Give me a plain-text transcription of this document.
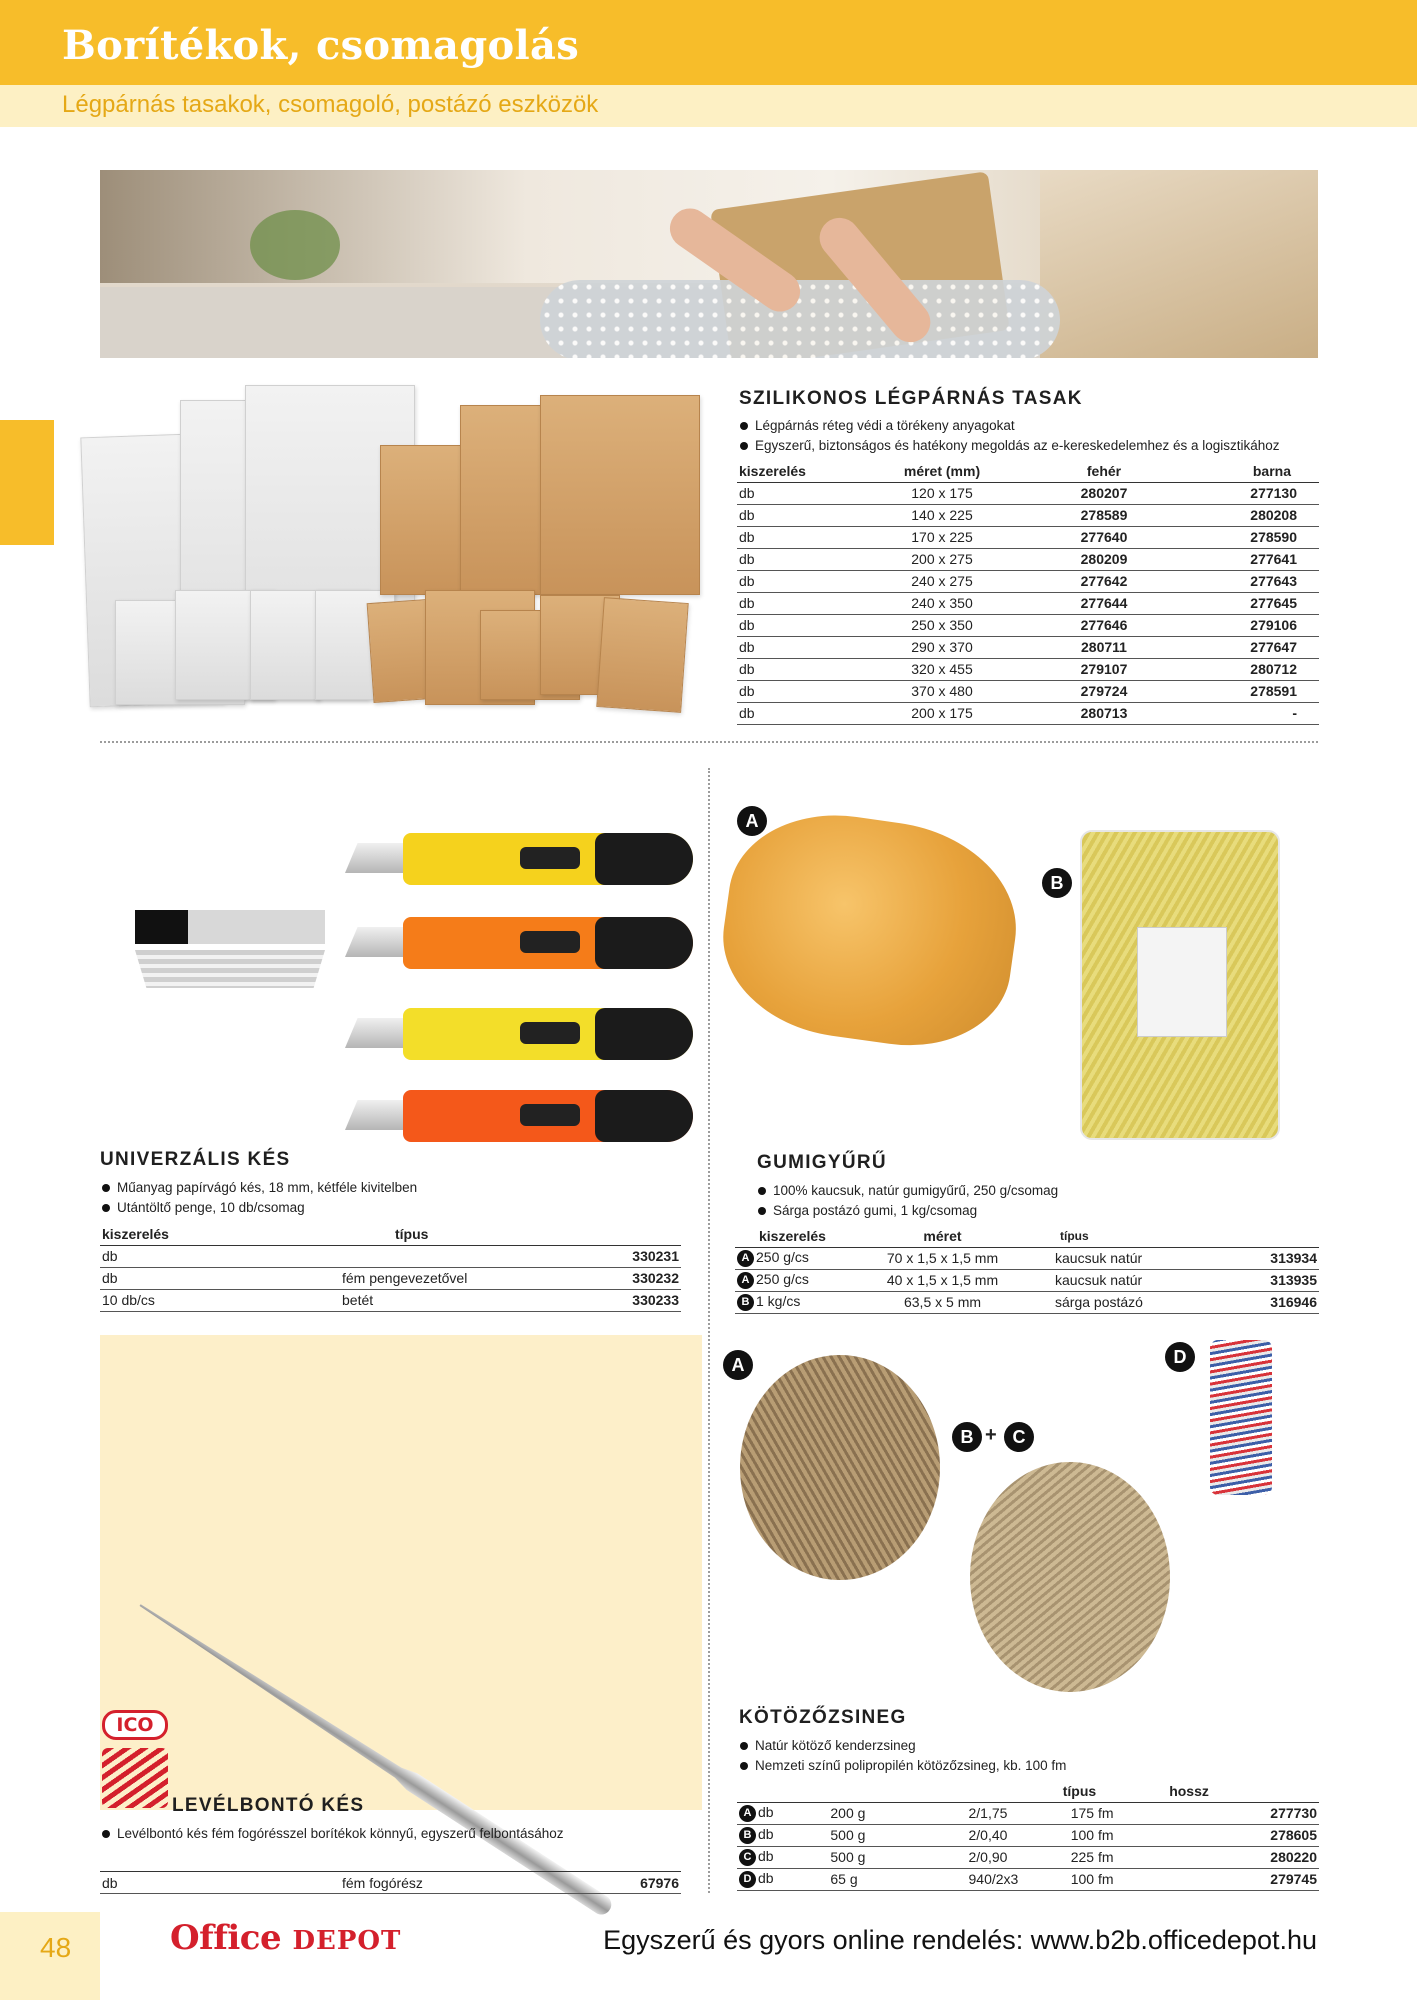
Borítékok, csomagolás
Légpárnás tasakok, csomagoló, postázó eszközök
SZILIKONOS LÉGPÁRNÁS TASAK
Légpárnás réteg védi a törékeny anyagokat
Egyszerű, biztonságos és hatékony megoldás az e-kereskedelemhez és a logisztikához
kiszerelés	méret (mm)	fehér	barna
db	120 x 175	280207	277130
db	140 x 225	278589	280208
db	170 x 225	277640	278590
db	200 x 275	280209	277641
db	240 x 275	277642	277643
db	240 x 350	277644	277645
db	250 x 350	277646	279106
db	290 x 370	280711	277647
db	320 x 455	279107	280712
db	370 x 480	279724	278591
db	200 x 175	280713	-
UNIVERZÁLIS KÉS
Műanyag papírvágó kés, 18 mm, kétféle kivitelben
Utántöltő penge, 10 db/csomag
kiszerelés	típus	
db		330231
db	fém pengevezetővel	330232
10 db/cs	betét	330233
A
B
GUMIGYŰRŰ
100% kaucsuk, natúr gumigyűrű, 250 g/csomag
Sárga postázó gumi, 1 kg/csomag
kiszerelés	méret	típus	
A 250 g/cs	70 x 1,5 x 1,5 mm	kaucsuk natúr	313934
A 250 g/cs	40 x 1,5 x 1,5 mm	kaucsuk natúr	313935
B 1 kg/cs	63,5 x 5 mm	sárga postázó	316946
ICO
LEVÉLBONTÓ KÉS
Levélbontó kés fém fogórésszel borítékok könnyű, egyszerű felbontásához
db	fém fogórész	67976
A
B + C
D
KÖTÖZŐZSINEG
Natúr kötöző kenderzsineg
Nemzeti színű polipropilén kötözőzsineg, kb. 100 fm
			típus	hossz	
A db	200 g	2/1,75	175 fm		277730
B db	500 g	2/0,40	100 fm		278605
C db	500 g	2/0,90	225 fm		280220
D db	65 g	940/2x3	100 fm		279745
48	Office DEPOT	Egyszerű és gyors online rendelés: www.b2b.officedepot.hu
